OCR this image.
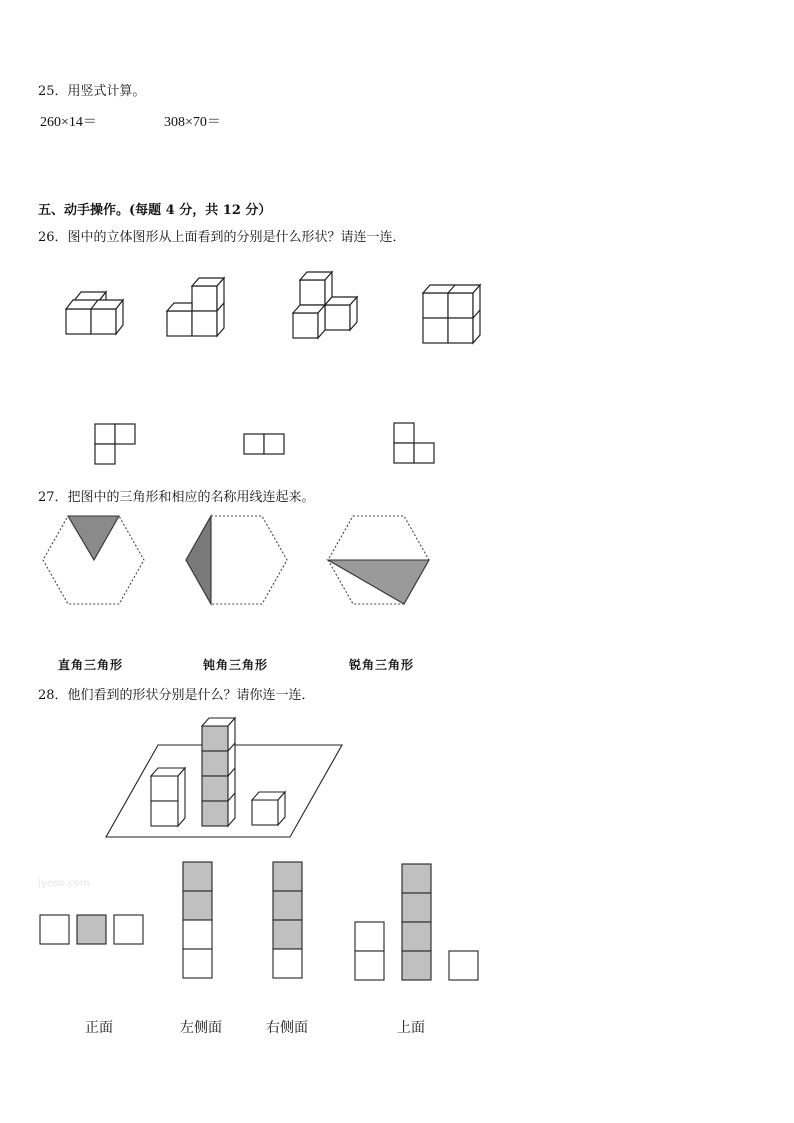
25．用竖式计算。
260×14＝	308×70＝
五、动手操作。(每题 4 分，共 12 分）
26．图中的立体图形从上面看到的分别是什么形状？请连一连．
27．把图中的三角形和相应的名称用线连起来。
直角三角形	钝角三角形	锐角三角形
28．他们看到的形状分别是什么？请你连一连．
jyeoo.com
正面	左侧面	右侧面	上面
